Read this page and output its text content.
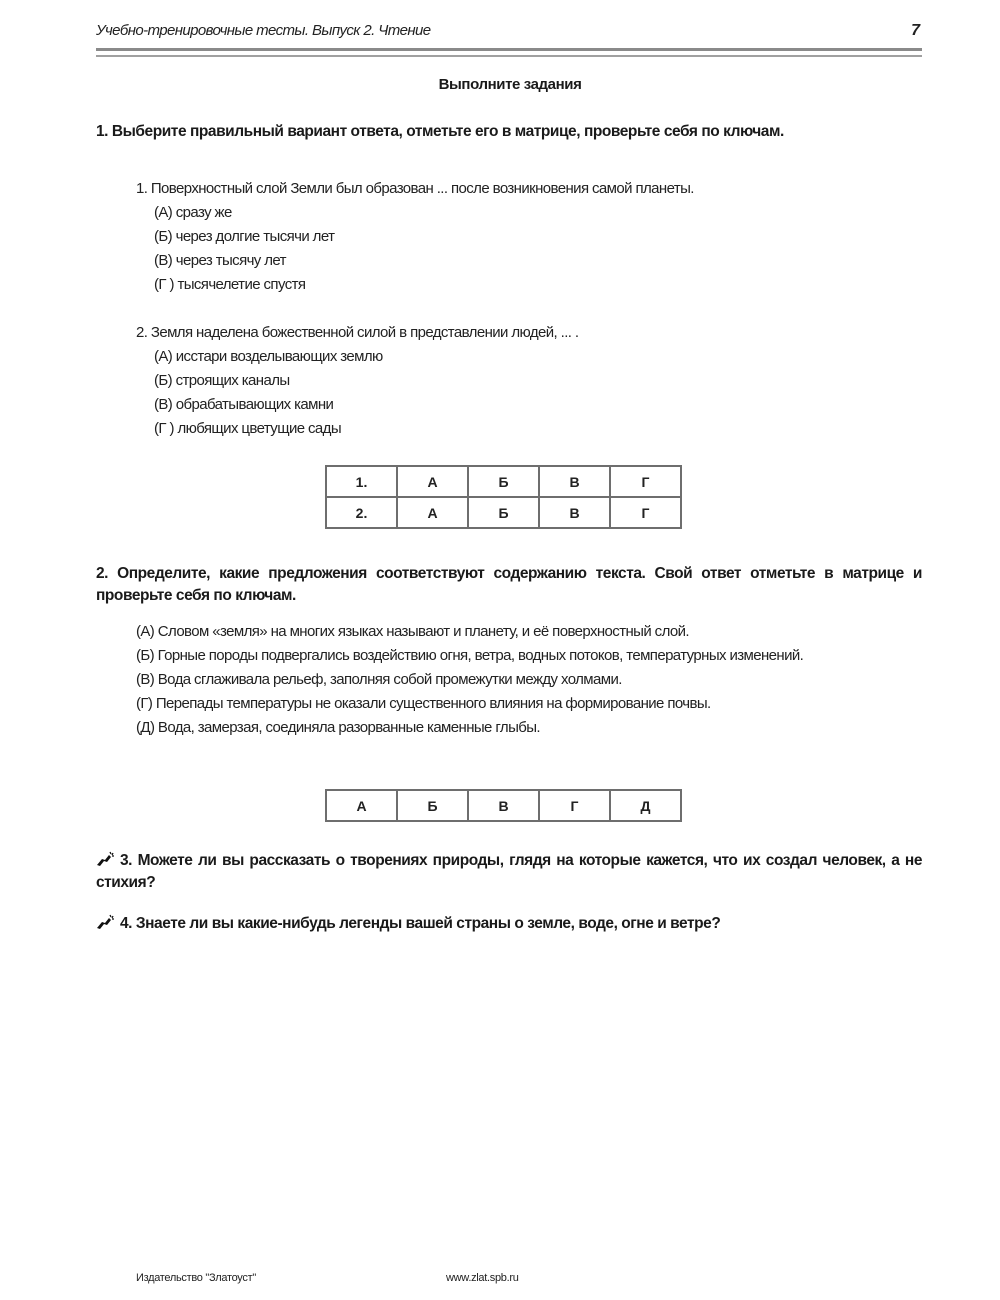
Учебно-тренировочные тесты. Выпуск 2. Чтение	7
Выполните задания
1. Выберите правильный вариант ответа, отметьте его в матрице, проверьте себя по ключам.
1. Поверхностный слой Земли был образован ... после возникновения самой планеты.
(А) сразу же
(Б) через долгие тысячи лет
(В) через тысячу лет
(Г ) тысячелетие спустя
2. Земля наделена божественной силой в представлении людей, ... .
(А) исстари возделывающих землю
(Б) строящих каналы
(В) обрабатывающих камни
(Г ) любящих цветущие сады
1.	А	Б	В	Г
2.	А	Б	В	Г
2. Определите, какие предложения соответствуют содержанию текста. Свой ответ отметьте в матрице и проверьте себя по ключам.

(А) Словом «земля» на многих языках называют и планету, и её поверхностный слой.

(Б) Горные породы подвергались воздействию огня, ветра, водных потоков, температурных изменений.

(В) Вода сглаживала рельеф, заполняя собой промежутки между холмами.

(Г) Перепады температуры не оказали существенного влияния на формирование почвы.

(Д) Вода, замерзая, соединяла разорванные каменные глыбы.

А	Б	В	Г	Д
3. Можете ли вы рассказать о творениях природы, глядя на которые кажется, что их создал человек, а не стихия?
4. Знаете ли вы какие-нибудь легенды вашей страны о земле, воде, огне и ветре?
Издательство "Златоуст"	www.zlat.spb.ru
